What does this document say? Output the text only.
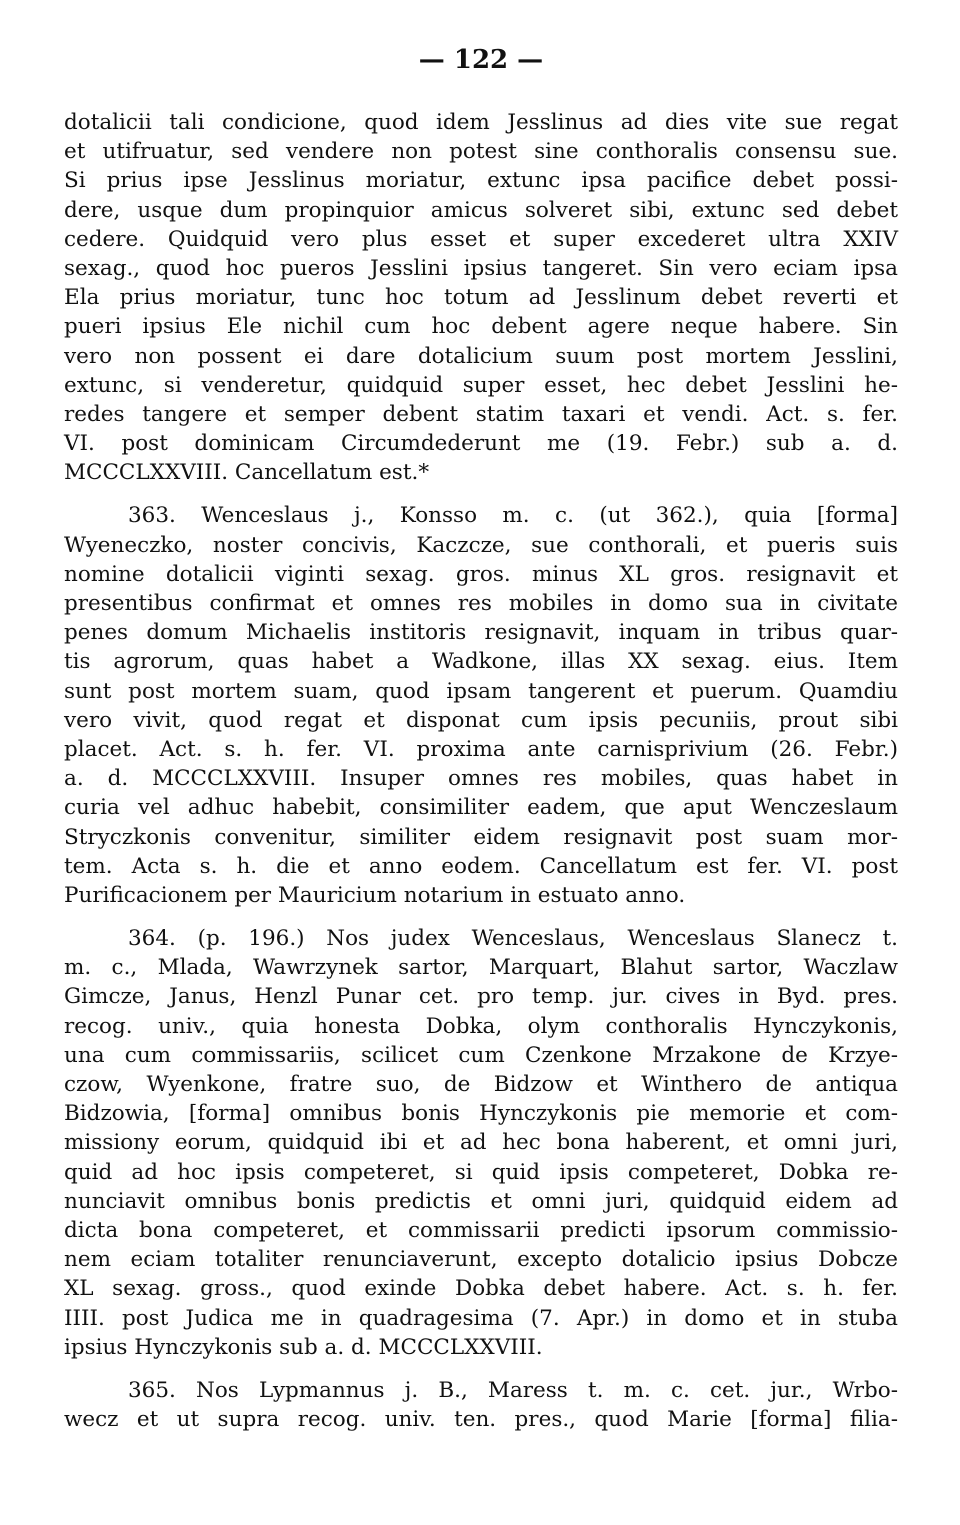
— 122 —
dotalicii tali condicione, quod idem Jesslinus ad dies vite sue regat
et utifruatur, sed vendere non potest sine conthoralis consensu sue.
Si prius ipse Jesslinus moriatur, extunc ipsa pacifice debet possi-
dere, usque dum propinquior amicus solveret sibi, extunc sed debet
cedere. Quidquid vero plus esset et super excederet ultra XXIV
sexag., quod hoc pueros Jesslini ipsius tangeret. Sin vero eciam ipsa
Ela prius moriatur, tunc hoc totum ad Jesslinum debet reverti et
pueri ipsius Ele nichil cum hoc debent agere neque habere. Sin
vero non possent ei dare dotalicium suum post mortem Jesslini,
extunc, si venderetur, quidquid super esset, hec debet Jesslini he-
redes tangere et semper debent statim taxari et vendi. Act. s. fer.
VI. post dominicam Circumdederunt me (19. Febr.) sub a. d.
MCCCLXXVIII. Cancellatum est.*
363. Wenceslaus j., Konsso m. c. (ut 362.), quia [forma]
Wyeneczko, noster concivis, Kaczcze, sue conthorali, et pueris suis
nomine dotalicii viginti sexag. gros. minus XL gros. resignavit et
presentibus confirmat et omnes res mobiles in domo sua in civitate
penes domum Michaelis institoris resignavit, inquam in tribus quar-
tis agrorum, quas habet a Wadkone, illas XX sexag. eius. Item
sunt post mortem suam, quod ipsam tangerent et puerum. Quamdiu
vero vivit, quod regat et disponat cum ipsis pecuniis, prout sibi
placet. Act. s. h. fer. VI. proxima ante carnisprivium (26. Febr.)
a. d. MCCCLXXVIII. Insuper omnes res mobiles, quas habet in
curia vel adhuc habebit, consimiliter eadem, que aput Wenczeslaum
Stryczkonis convenitur, similiter eidem resignavit post suam mor-
tem. Acta s. h. die et anno eodem. Cancellatum est fer. VI. post
Purificacionem per Mauricium notarium in estuato anno.
364. (p. 196.) Nos judex Wenceslaus, Wenceslaus Slanecz t.
m. c., Mlada, Wawrzynek sartor, Marquart, Blahut sartor, Waczlaw
Gimcze, Janus, Henzl Punar cet. pro temp. jur. cives in Byd. pres.
recog. univ., quia honesta Dobka, olym conthoralis Hynczykonis,
una cum commissariis, scilicet cum Czenkone Mrzakone de Krzye-
czow, Wyenkone, fratre suo, de Bidzow et Winthero de antiqua
Bidzowia, [forma] omnibus bonis Hynczykonis pie memorie et com-
missiony eorum, quidquid ibi et ad hec bona haberent, et omni juri,
quid ad hoc ipsis competeret, si quid ipsis competeret, Dobka re-
nunciavit omnibus bonis predictis et omni juri, quidquid eidem ad
dicta bona competeret, et commissarii predicti ipsorum commissio-
nem eciam totaliter renunciaverunt, excepto dotalicio ipsius Dobcze
XL sexag. gross., quod exinde Dobka debet habere. Act. s. h. fer.
IIII. post Judica me in quadragesima (7. Apr.) in domo et in stuba
ipsius Hynczykonis sub a. d. MCCCLXXVIII.
365. Nos Lypmannus j. B., Maress t. m. c. cet. jur., Wrbo-
wecz et ut supra recog. univ. ten. pres., quod Marie [forma] filia-
